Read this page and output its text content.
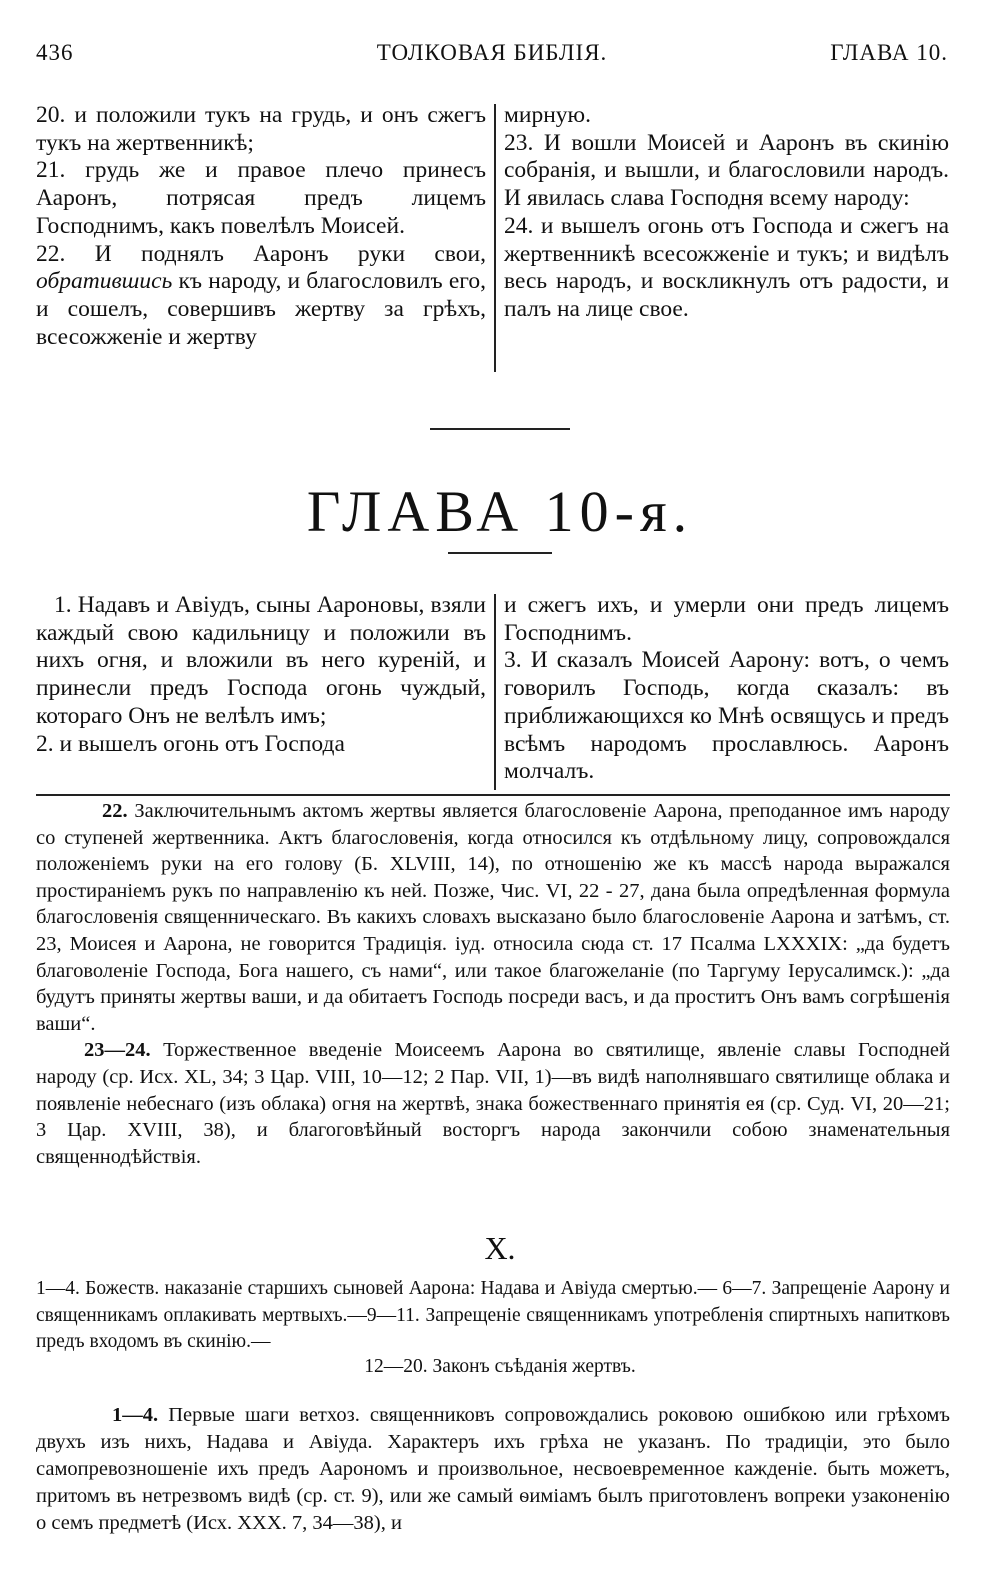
ТОЛКОВАЯ БИБЛІЯ.
436	ГЛАВА 10.

20. и положили тукъ на грудь, и онъ сжегъ тукъ на жертвенникѣ;

21. грудь же и правое плечо принесъ Ааронъ, потрясая предъ лицемъ Господнимъ, какъ повелѣлъ Моисей.

22. И поднялъ Ааронъ руки свои, обратившись къ народу, и благословилъ его, и сошелъ, совершивъ жертву за грѣхъ, всесожженіе и жертву

мирную.

23. И вошли Моисей и Ааронъ въ скинію собранія, и вышли, и благословили народъ. И явилась слава Господня всему народу:

24. и вышелъ огонь отъ Господа и сжегъ на жертвенникѣ всесожженіе и тукъ; и видѣлъ весь народъ, и воскликнулъ отъ радости, и палъ на лице свое.

ГЛАВА 10-я.

1. Надавъ и Авіудъ, сыны Аароновы, взяли каждый свою кадильницу и положили въ нихъ огня, и вложили въ него куреній, и принесли предъ Господа огонь чуждый, котораго Онъ не велѣлъ имъ;

2. и вышелъ огонь отъ Господа

и сжегъ ихъ, и умерли они предъ лицемъ Господнимъ.

3. И сказалъ Моисей Аарону: вотъ, о чемъ говорилъ Господь, когда сказалъ: въ приближающихся ко Мнѣ освящусь и предъ всѣмъ народомъ прославлюсь. Ааронъ молчалъ.

22. Заключительнымъ актомъ жертвы является благословеніе Аарона, преподанное имъ народу со ступеней жертвенника. Актъ благословенія, когда относился къ отдѣльному лицу, сопровождался положеніемъ руки на его голову (Б. XLVIII, 14), по отношенію же къ массѣ народа выражался простираніемъ рукъ по направленію къ ней. Позже, Чис. VI, 22 - 27, дана была опредѣленная формула благословенія священническаго. Въ какихъ словахъ высказано было благословеніе Аарона и затѣмъ, ст. 23, Моисея и Аарона, не говорится Традиція. іуд. относила сюда ст. 17 Псалма LXXXIX: „да будетъ благоволеніе Господа, Бога нашего, съ нами“, или такое благожеланіе (по Таргуму Іерусалимск.): „да будутъ приняты жертвы ваши, и да обитаетъ Господь посреди васъ, и да проститъ Онъ вамъ согрѣшенія ваши“.

23—24. Торжественное введеніе Моисеемъ Аарона во святилище, явленіе славы Господней народу (ср. Исх. XL, 34; 3 Цар. VIII, 10—12; 2 Пар. VII, 1)—въ видѣ наполнявшаго святилище облака и появленіе небеснаго (изъ облака) огня на жертвѣ, знака божественнаго принятія ея (ср. Суд. VI, 20—21; 3 Цар. XVIII, 38), и благоговѣйный восторгъ народа закончили собою знаменательныя священнодѣйствія.

X.

1—4. Божеств. наказаніе старшихъ сыновей Аарона: Надава и Авіуда смертью.— 6—7. Запрещеніе Аарону и священникамъ оплакивать мертвыхъ.—9—11. Запрещеніе священникамъ употребленія спиртныхъ напитковъ предъ входомъ въ скинію.—

12—20. Законъ съѣданія жертвъ.

1—4. Первые шаги ветхоз. священниковъ сопровождались роковою ошибкою или грѣхомъ двухъ изъ нихъ, Надава и Авіуда. Характеръ ихъ грѣха не указанъ. По традиціи, это было самопревозношеніе ихъ предъ Аарономъ и произвольное, несвоевременное кажденіе. быть можетъ, притомъ въ нетрезвомъ видѣ (ср. ст. 9), или же самый ѳиміамъ былъ приготовленъ вопреки узаконенію о семъ предметѣ (Исх. XXX. 7, 34—38), и
